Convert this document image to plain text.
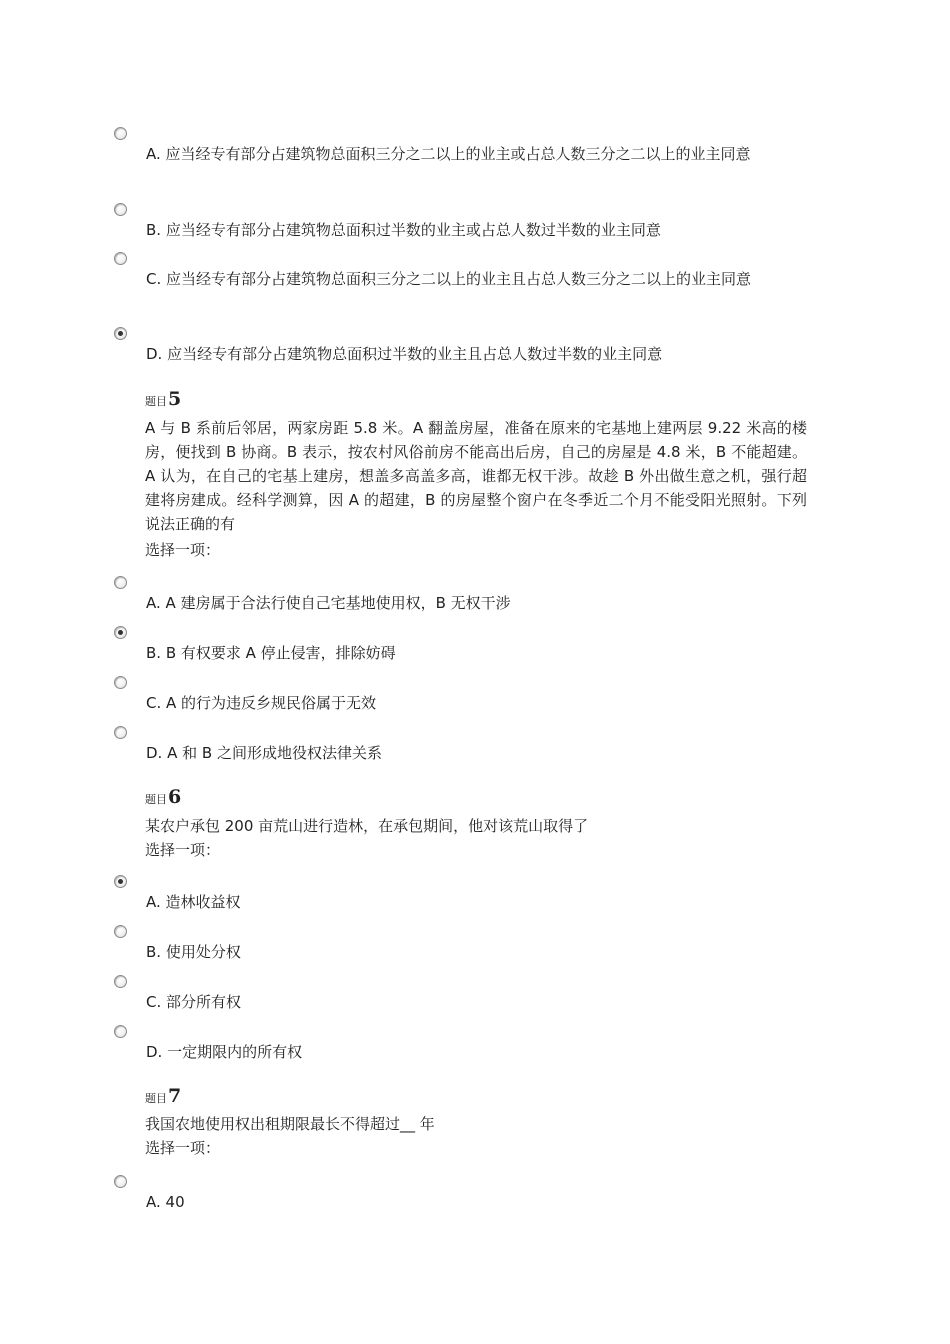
A. 应当经专有部分占建筑物总面积三分之二以上的业主或占总人数三分之二以上的业主同意
B. 应当经专有部分占建筑物总面积过半数的业主或占总人数过半数的业主同意
C. 应当经专有部分占建筑物总面积三分之二以上的业主且占总人数三分之二以上的业主同意
D. 应当经专有部分占建筑物总面积过半数的业主且占总人数过半数的业主同意
题目5
A 与 B 系前后邻居，两家房距 5.8 米。A 翻盖房屋，准备在原来的宅基地上建两层 9.22 米高的楼房，便找到 B 协商。B 表示，按农村风俗前房不能高出后房，自己的房屋是 4.8 米，B 不能超建。A 认为，在自己的宅基上建房，想盖多高盖多高，谁都无权干涉。故趁 B 外出做生意之机，强行超建将房建成。经科学测算，因 A 的超建，B 的房屋整个窗户在冬季近二个月不能受阳光照射。下列说法正确的有
选择一项：
A. A 建房属于合法行使自己宅基地使用权，B 无权干涉
B. B 有权要求 A 停止侵害，排除妨碍
C. A 的行为违反乡规民俗属于无效
D. A 和 B 之间形成地役权法律关系
题目6
某农户承包 200 亩荒山进行造林，在承包期间，他对该荒山取得了
选择一项：
A. 造林收益权
B. 使用处分权
C. 部分所有权
D. 一定期限内的所有权
题目7
我国农地使用权出租期限最长不得超过__ 年
选择一项：
A. 40
